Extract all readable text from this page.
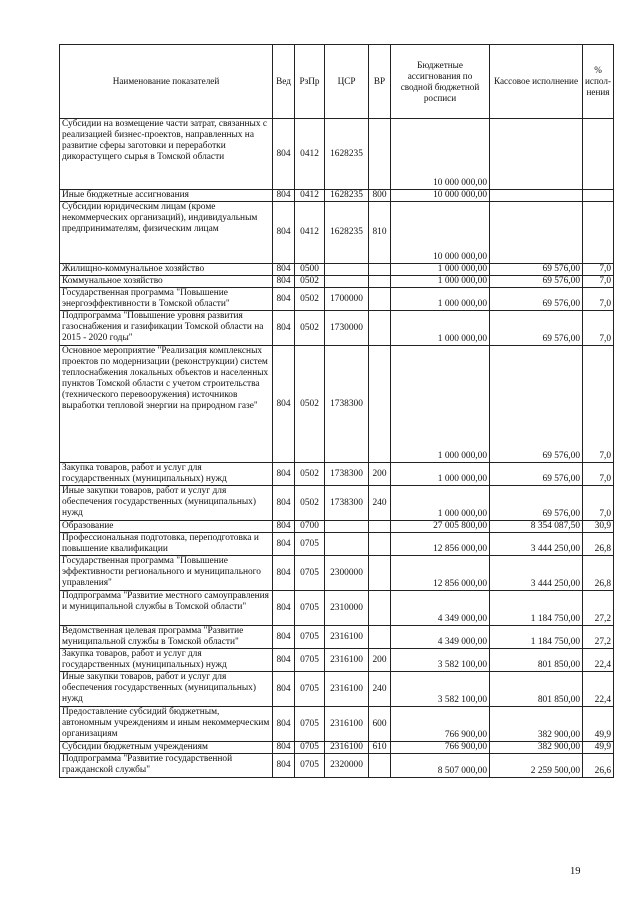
Наименование показателей	Вед	РзПр	ЦСР	ВР	Бюджетные ассигнования по сводной бюджетной росписи	Кассовое исполнение	% испол-нения
Субсидии на возмещение части затрат, связанных с реализацией бизнес-проектов, направленных на развитие сферы заготовки и переработки дикорастущего сырья в Томской области	804	0412	1628235		10 000 000,00		
Иные бюджетные ассигнования	804	0412	1628235	800	10 000 000,00		
Субсидии юридическим лицам (кроме некоммерческих организаций), индивидуальным предпринимателям, физическим лицам	804	0412	1628235	810	10 000 000,00		
Жилищно-коммунальное хозяйство	804	0500			1 000 000,00	69 576,00	7,0
Коммунальное хозяйство	804	0502			1 000 000,00	69 576,00	7,0
Государственная программа "Повышение энергоэффективности в Томской области"	804	0502	1700000		1 000 000,00	69 576,00	7,0
Подпрограмма "Повышение уровня развития газоснабжения и газификации Томской области на 2015 - 2020 годы"	804	0502	1730000		1 000 000,00	69 576,00	7,0
Основное мероприятие "Реализация комплексных проектов по модернизации (реконструкции) систем теплоснабжения локальных объектов и населенных пунктов Томской области с учетом строительства (технического перевооружения) источников выработки тепловой энергии на природном газе"	804	0502	1738300		1 000 000,00	69 576,00	7,0
Закупка товаров, работ и услуг для государственных (муниципальных) нужд	804	0502	1738300	200	1 000 000,00	69 576,00	7,0
Иные закупки товаров, работ и услуг для обеспечения государственных (муниципальных) нужд	804	0502	1738300	240	1 000 000,00	69 576,00	7,0
Образование	804	0700			27 005 800,00	8 354 087,50	30,9
Профессиональная подготовка, переподготовка и повышение квалификации	804	0705			12 856 000,00	3 444 250,00	26,8
Государственная программа "Повышение эффективности регионального и муниципального управления"	804	0705	2300000		12 856 000,00	3 444 250,00	26,8
Подпрограмма "Развитие местного самоуправления и муниципальной службы в Томской области"	804	0705	2310000		4 349 000,00	1 184 750,00	27,2
Ведомственная целевая программа "Развитие муниципальной службы в Томской области"	804	0705	2316100		4 349 000,00	1 184 750,00	27,2
Закупка товаров, работ и услуг для государственных (муниципальных) нужд	804	0705	2316100	200	3 582 100,00	801 850,00	22,4
Иные закупки товаров, работ и услуг для обеспечения государственных (муниципальных) нужд	804	0705	2316100	240	3 582 100,00	801 850,00	22,4
Предоставление субсидий бюджетным, автономным учреждениям и иным некоммерческим организациям	804	0705	2316100	600	766 900,00	382 900,00	49,9
Субсидии бюджетным учреждениям	804	0705	2316100	610	766 900,00	382 900,00	49,9
Подпрограмма "Развитие государственной гражданской службы"	804	0705	2320000		8 507 000,00	2 259 500,00	26,6
19
